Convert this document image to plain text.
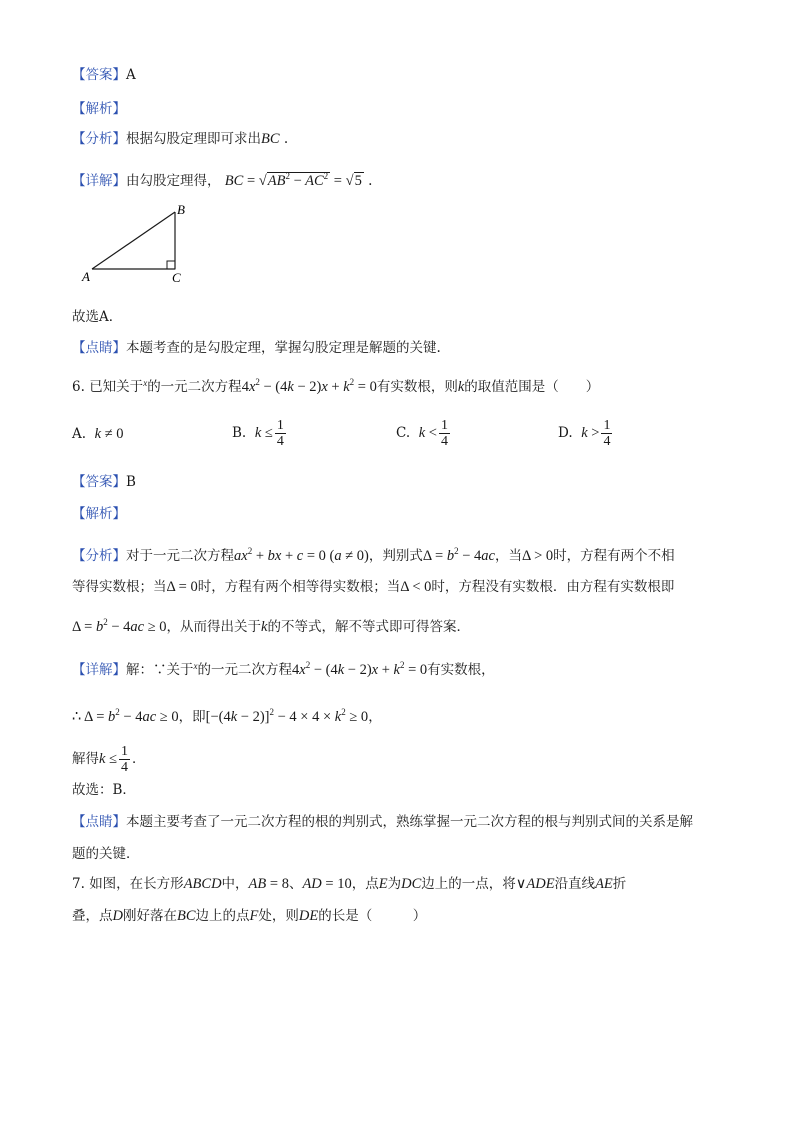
【答案】A
【解析】
【分析】根据勾股定理即可求出BC .
【详解】由勾股定理得， BC = $√AB^2 - AC^2 = √5$ .
A
B
C
故选A．
【点睛】本题考查的是勾股定理，掌握勾股定理是解题的关键.
6. 已知关于$^x$的一元二次方程$4x^2 - (4k - 2)x + k^2 = 0$有实数根，则k的取值范围是（　　）
A. k ≠ 0	B. $k \le \frac{1}{4}$	C. $k < \frac{1}{4}$	D. $k > \frac{1}{4}$
【答案】B
【解析】
【分析】对于一元二次方程$ax^2$ + bx + c = 0 (a ≠ 0)，判别式$\Delta = b^2 - 4ac$，当Δ > 0时，方程有两个不相
等得实数根；当Δ = 0时，方程有两个相等得实数根；当Δ < 0时，方程没有实数根．由方程有实数根即
$\Delta = b^2 - 4ac \ge 0$，从而得出关于k的不等式，解不等式即可得答案．
【详解】解：∵关于$^x$的一元二次方程$4x^2 - (4k - 2)x + k^2 = 0$有实数根，
∴ $\Delta = b^2 - 4ac \ge 0$，即$[-(4k - 2)]^2 - 4 \times 4 \times k^2 \ge 0$，
解得$k \le \frac{1}{4}$ ．
故选：B．
【点睛】本题主要考查了一元二次方程的根的判别式，熟练掌握一元二次方程的根与判别式间的关系是解
题的关键．
7. 如图，在长方形ABCD中，AB = 8、AD = 10，点E为DC边上的一点，将∨ADE沿直线AE折
叠，点D刚好落在BC边上的点F处，则DE的长是（　　　）
